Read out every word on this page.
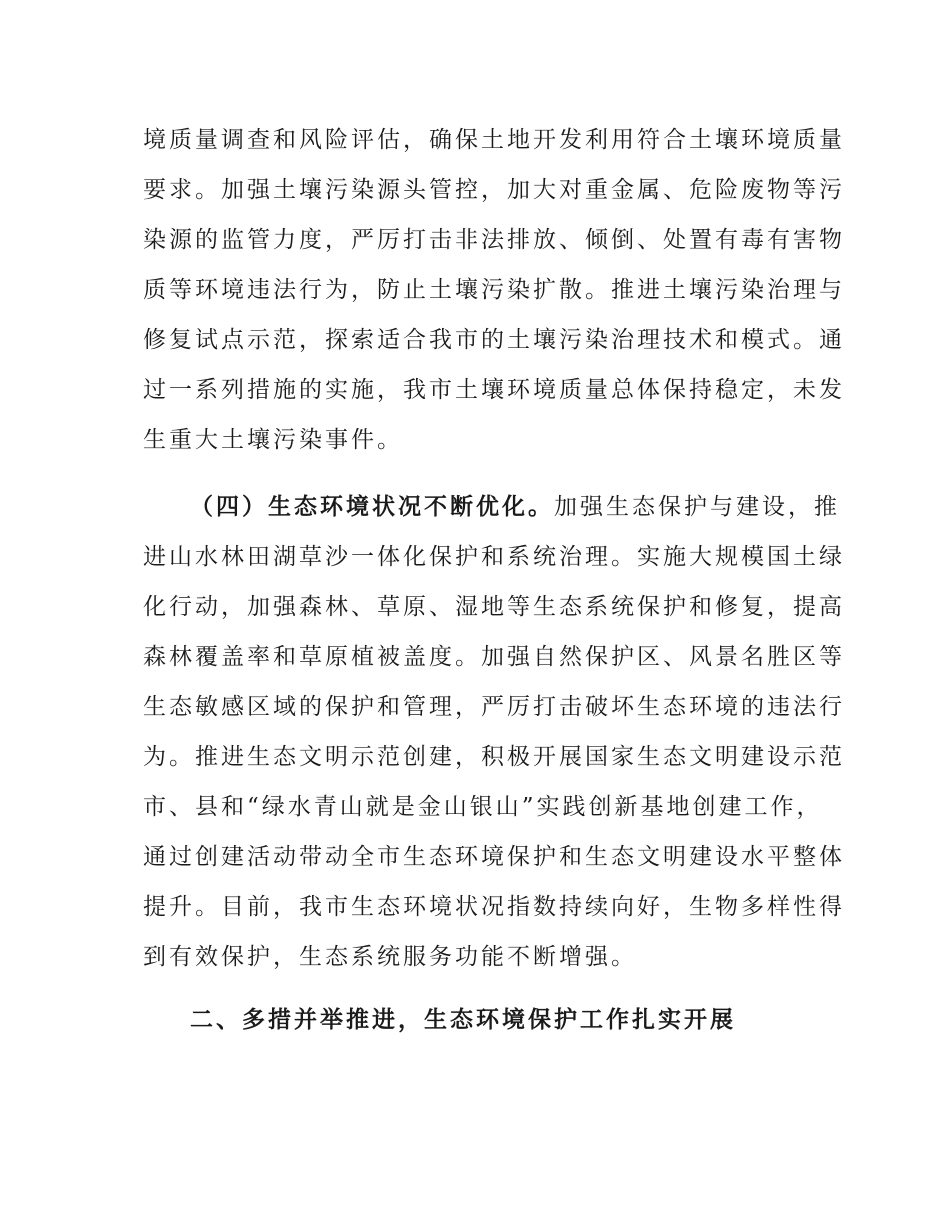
境质量调查和风险评估，确保土地开发利用符合土壤环境质量
要求。加强土壤污染源头管控，加大对重金属、危险废物等污
染源的监管力度，严厉打击非法排放、倾倒、处置有毒有害物
质等环境违法行为，防止土壤污染扩散。推进土壤污染治理与
修复试点示范，探索适合我市的土壤污染治理技术和模式。通
过一系列措施的实施，我市土壤环境质量总体保持稳定，未发
生重大土壤污染事件。
（四）生态环境状况不断优化。加强生态保护与建设，推
进山水林田湖草沙一体化保护和系统治理。实施大规模国土绿
化行动，加强森林、草原、湿地等生态系统保护和修复，提高
森林覆盖率和草原植被盖度。加强自然保护区、风景名胜区等
生态敏感区域的保护和管理，严厉打击破坏生态环境的违法行
为。推进生态文明示范创建，积极开展国家生态文明建设示范
市、县和“绿水青山就是金山银山”实践创新基地创建工作，
通过创建活动带动全市生态环境保护和生态文明建设水平整体
提升。目前，我市生态环境状况指数持续向好，生物多样性得
到有效保护，生态系统服务功能不断增强。
二、多措并举推进，生态环境保护工作扎实开展
